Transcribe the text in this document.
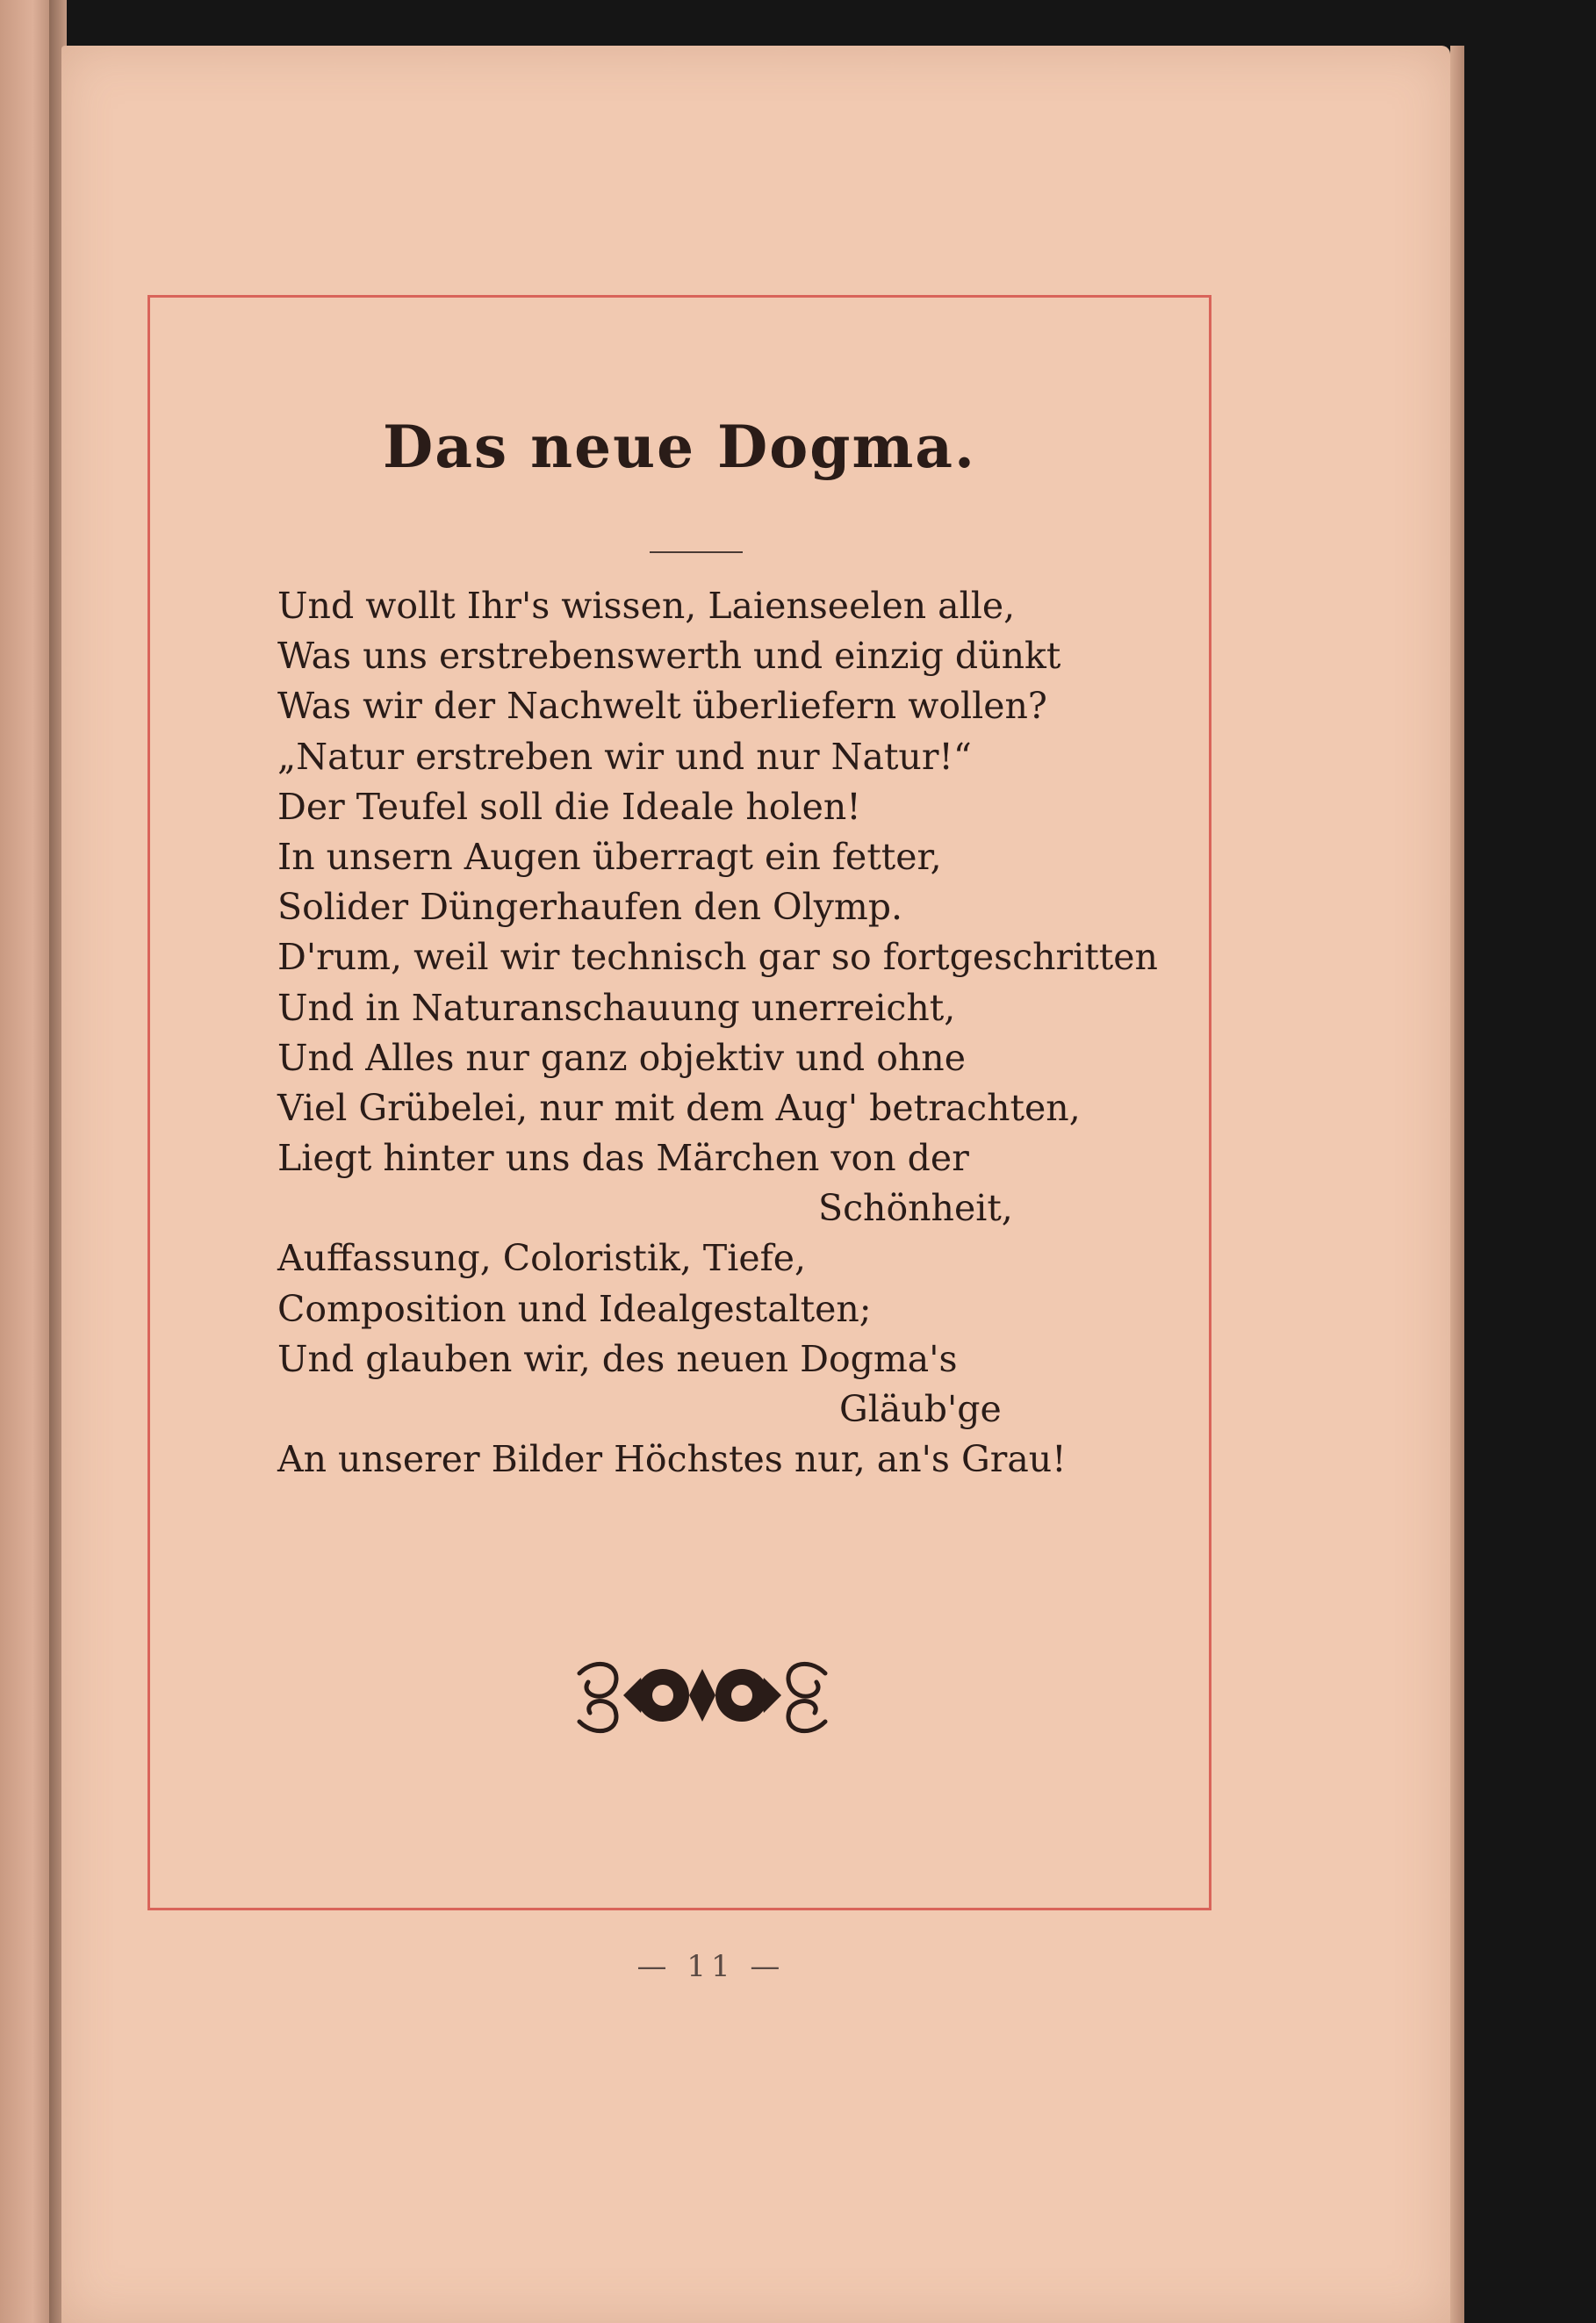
Das neue Dogma.
Und wollt Ihr's wissen, Laienseelen alle,
Was uns erstrebenswerth und einzig dünkt
Was wir der Nachwelt überliefern wollen?
„Natur erstreben wir und nur Natur!“
Der Teufel soll die Ideale holen!
In unsern Augen überragt ein fetter,
Solider Düngerhaufen den Olymp.
D'rum, weil wir technisch gar so fortgeschritten
Und in Naturanschauung unerreicht,
Und Alles nur ganz objektiv und ohne
Viel Grübelei, nur mit dem Aug' betrachten,
Liegt hinter uns das Märchen von der
Schönheit,
Auffassung, Coloristik, Tiefe,
Composition und Idealgestalten;
Und glauben wir, des neuen Dogma's
Gläub'ge
An unserer Bilder Höchstes nur, an's Grau!
— 11 —
